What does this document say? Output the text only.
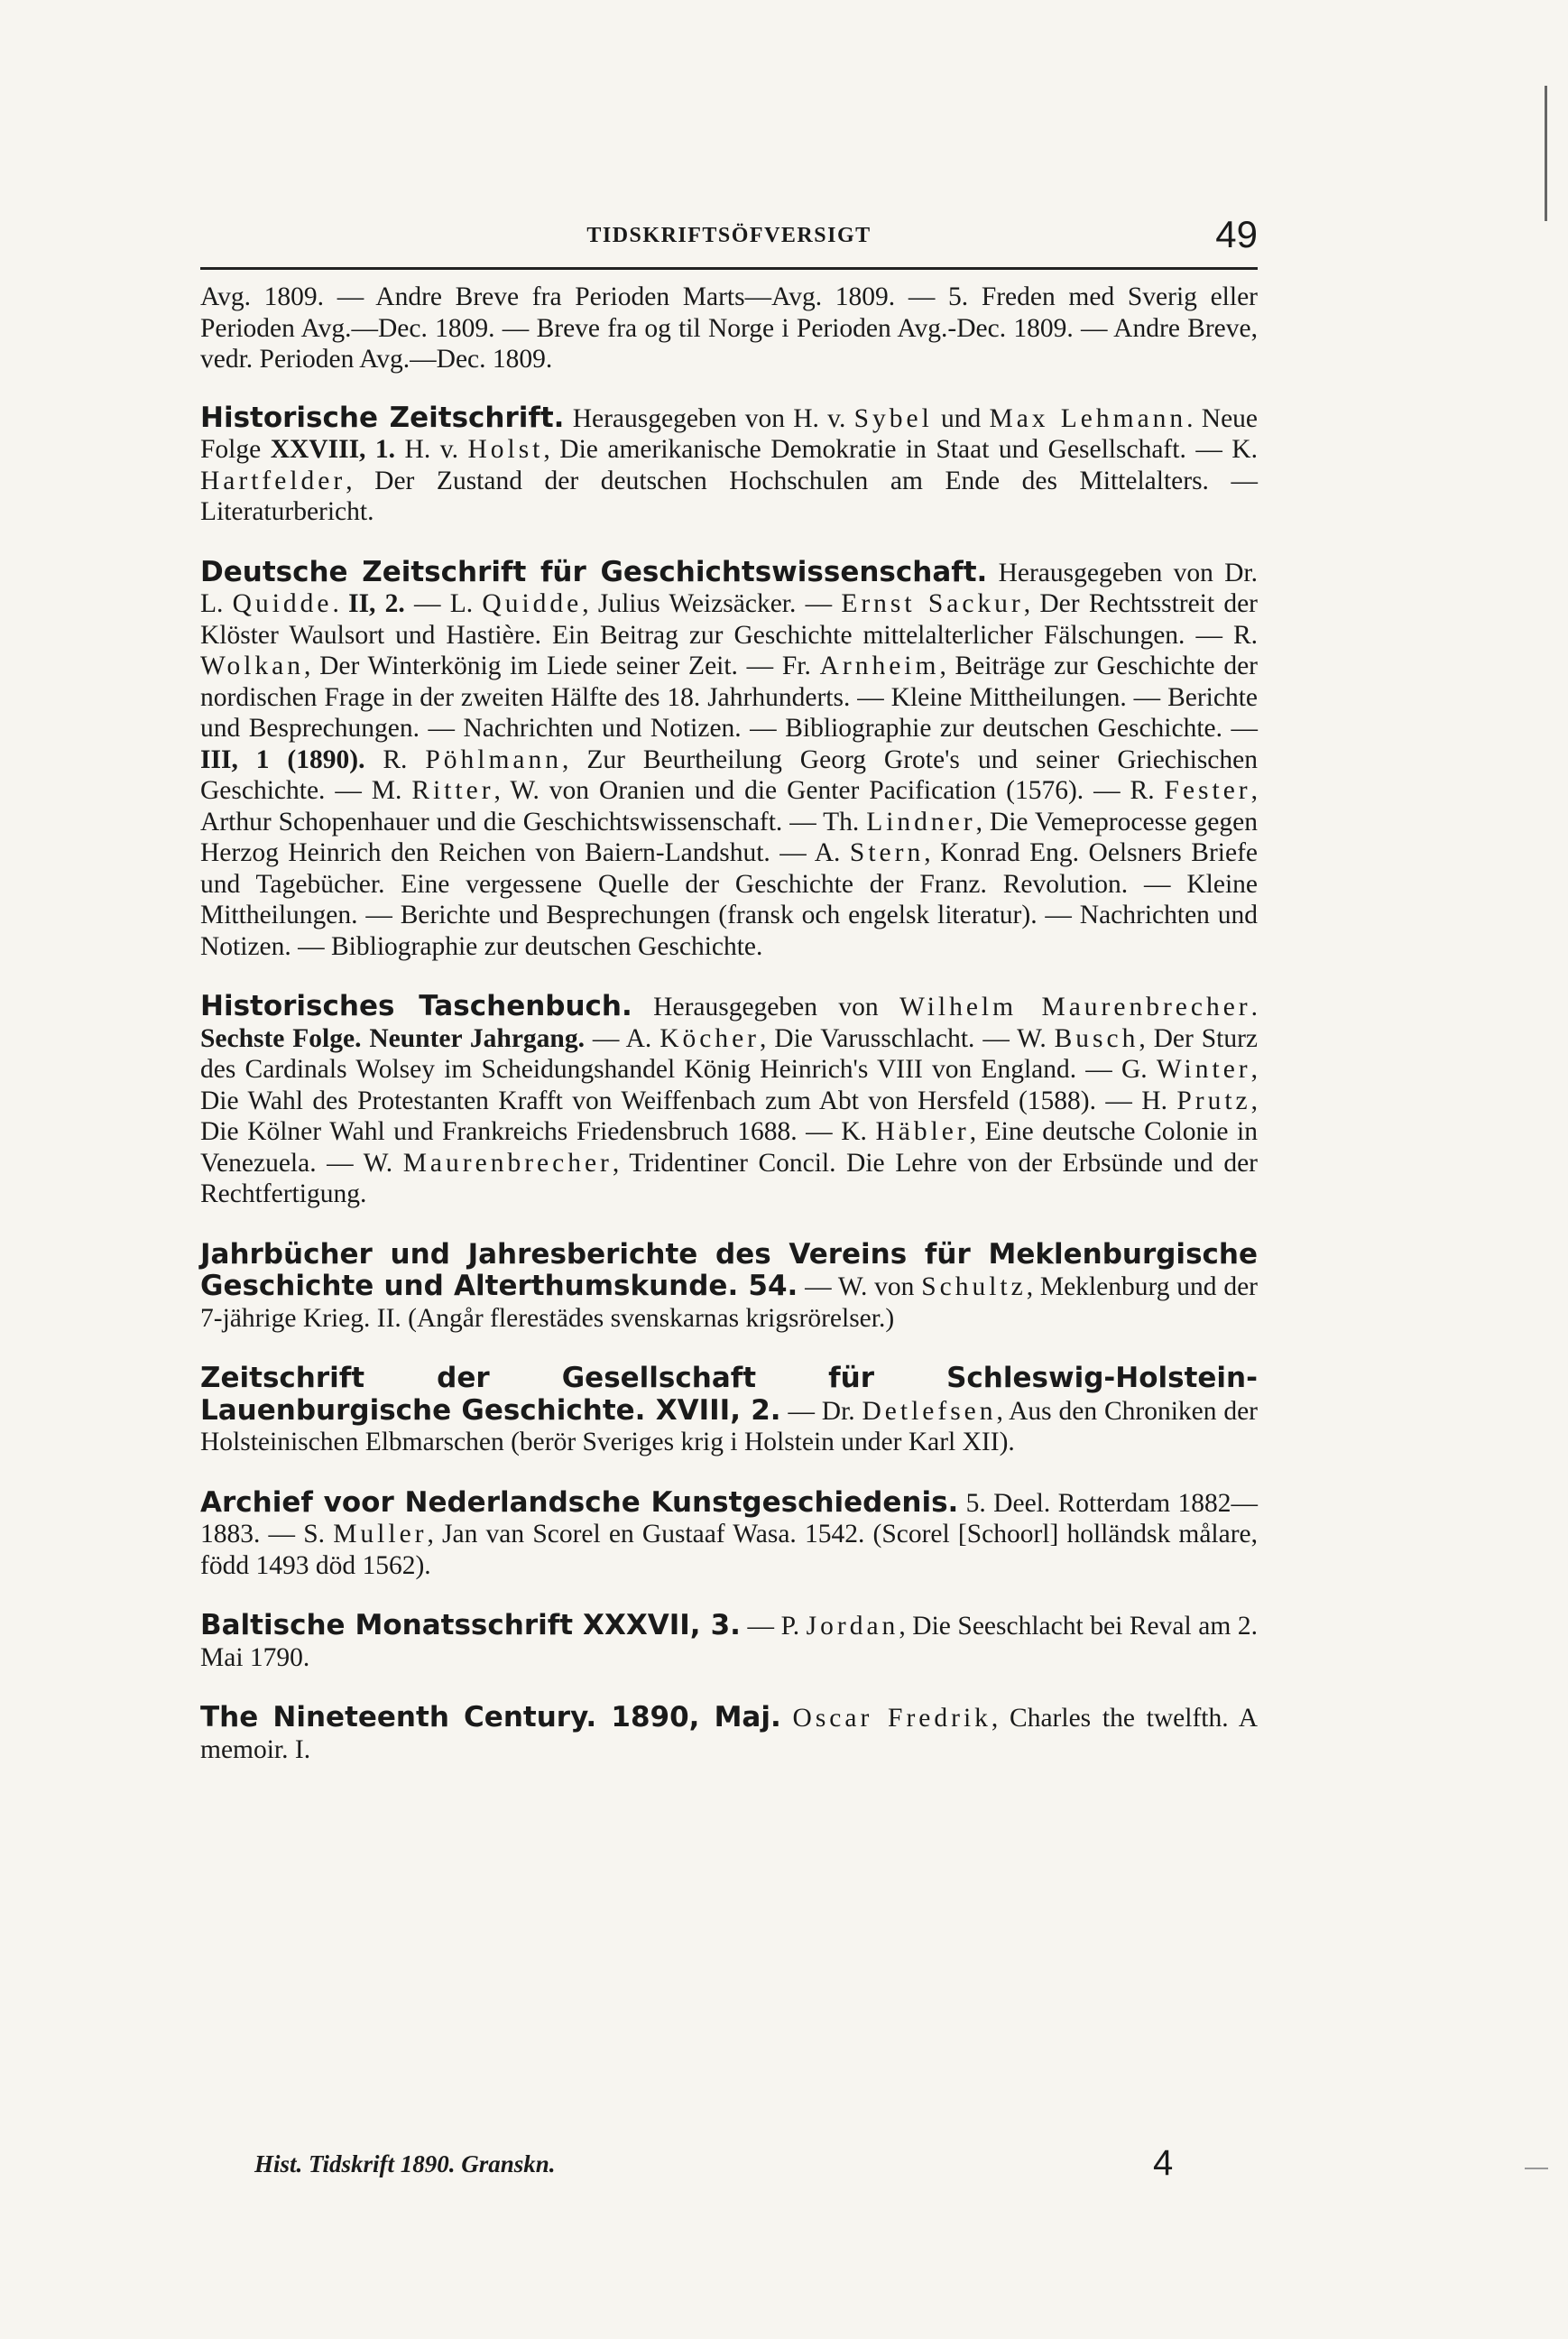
TIDSKRIFTSÖFVERSIGT	49

Avg. 1809. — Andre Breve fra Perioden Marts—Avg. 1809. — 5. Freden med Sverig eller Perioden Avg.—Dec. 1809. — Breve fra og til Norge i Perioden Avg.-Dec. 1809. — Andre Breve, vedr. Perioden Avg.—Dec. 1809.

Historische Zeitschrift. Herausgegeben von H. v. Sybel und Max Lehmann. Neue Folge XXVIII, 1. H. v. Holst, Die amerikanische Demokratie in Staat und Gesellschaft. — K. Hartfelder, Der Zustand der deutschen Hochschulen am Ende des Mittelalters. — Literaturbericht.

Deutsche Zeitschrift für Geschichtswissenschaft. Herausgegeben von Dr. L. Quidde. II, 2. — L. Quidde, Julius Weizsäcker. — Ernst Sackur, Der Rechtsstreit der Klöster Waulsort und Hastière. Ein Beitrag zur Geschichte mittelalterlicher Fälschungen. — R. Wolkan, Der Winterkönig im Liede seiner Zeit. — Fr. Arnheim, Beiträge zur Geschichte der nordischen Frage in der zweiten Hälfte des 18. Jahrhunderts. — Kleine Mittheilungen. — Berichte und Besprechungen. — Nachrichten und Notizen. — Bibliographie zur deutschen Geschichte. — III, 1 (1890). R. Pöhlmann, Zur Beurtheilung Georg Grote's und seiner Griechischen Geschichte. — M. Ritter, W. von Oranien und die Genter Pacification (1576). — R. Fester, Arthur Schopenhauer und die Geschichtswissenschaft. — Th. Lindner, Die Vemeprocesse gegen Herzog Heinrich den Reichen von Baiern-Landshut. — A. Stern, Konrad Eng. Oelsners Briefe und Tagebücher. Eine vergessene Quelle der Geschichte der Franz. Revolution. — Kleine Mittheilungen. — Berichte und Besprechungen (fransk och engelsk literatur). — Nachrichten und Notizen. — Bibliographie zur deutschen Geschichte.

Historisches Taschenbuch. Herausgegeben von Wilhelm Maurenbrecher. Sechste Folge. Neunter Jahrgang. — A. Köcher, Die Varusschlacht. — W. Busch, Der Sturz des Cardinals Wolsey im Scheidungshandel König Heinrich's VIII von England. — G. Winter, Die Wahl des Protestanten Krafft von Weiffenbach zum Abt von Hersfeld (1588). — H. Prutz, Die Kölner Wahl und Frankreichs Friedensbruch 1688. — K. Häbler, Eine deutsche Colonie in Venezuela. — W. Maurenbrecher, Tridentiner Concil. Die Lehre von der Erbsünde und der Rechtfertigung.

Jahrbücher und Jahresberichte des Vereins für Meklenburgische Geschichte und Alterthumskunde. 54. — W. von Schultz, Meklenburg und der 7-jährige Krieg. II. (Angår flerestädes svenskarnas krigsrörelser.)

Zeitschrift der Gesellschaft für Schleswig-Holstein-Lauenburgische Geschichte. XVIII, 2. — Dr. Detlefsen, Aus den Chroniken der Holsteinischen Elbmarschen (berör Sveriges krig i Holstein under Karl XII).

Archief voor Nederlandsche Kunstgeschiedenis. 5. Deel. Rotterdam 1882—1883. — S. Muller, Jan van Scorel en Gustaaf Wasa. 1542. (Scorel [Schoorl] holländsk målare, född 1493 död 1562).

Baltische Monatsschrift XXXVII, 3. — P. Jordan, Die Seeschlacht bei Reval am 2. Mai 1790.

The Nineteenth Century. 1890, Maj. Oscar Fredrik, Charles the twelfth. A memoir. I.

Hist. Tidskrift 1890. Granskn.	4
